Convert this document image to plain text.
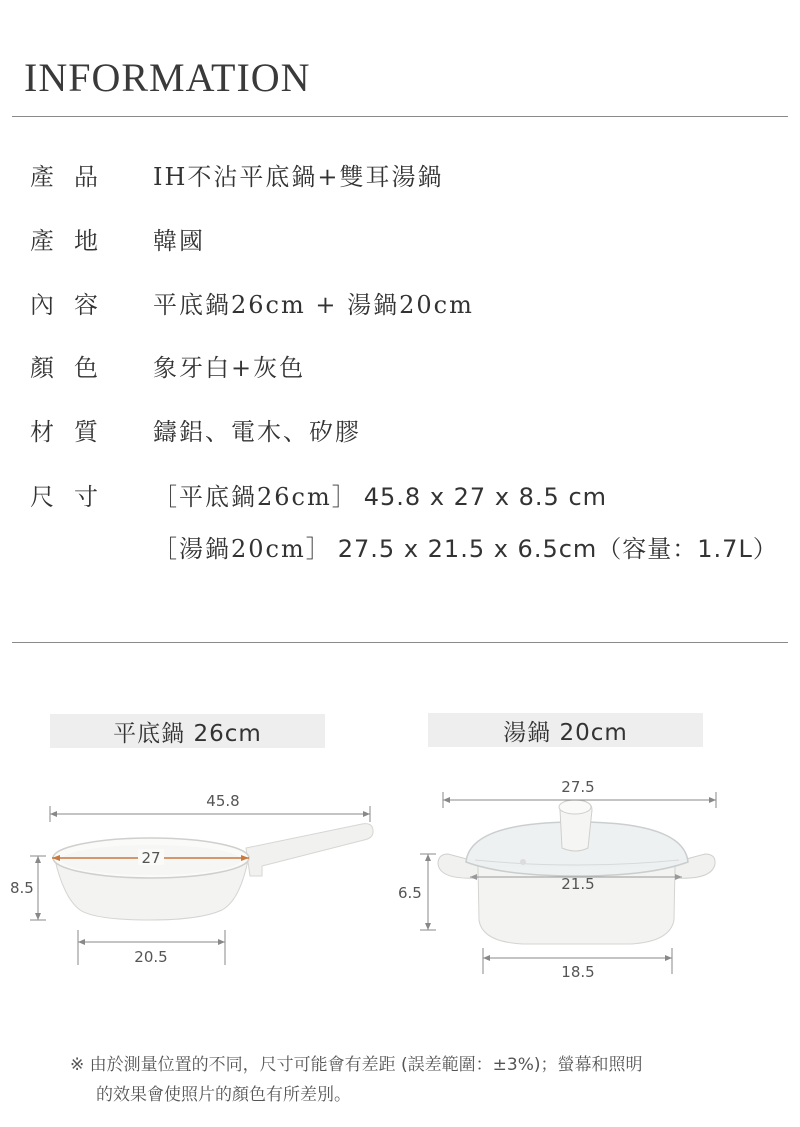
INFORMATION
產品 IH不沾平底鍋+雙耳湯鍋
產地 韓國
內容 平底鍋26cm + 湯鍋20cm
顏色 象牙白+灰色
材質 鑄鋁、電木、矽膠
尺寸 ［平底鍋26cm］ 45.8 x 27 x 8.5 cm
［湯鍋20cm］ 27.5 x 21.5 x 6.5cm（容量：1.7L）
平底鍋 26cm	湯鍋 20cm
45.8
27
8.5
20.5
27.5
21.5
6.5
18.5
※ 由於測量位置的不同，尺寸可能會有差距 (誤差範圍：±3%)；螢幕和照明
的效果會使照片的顏色有所差別。
